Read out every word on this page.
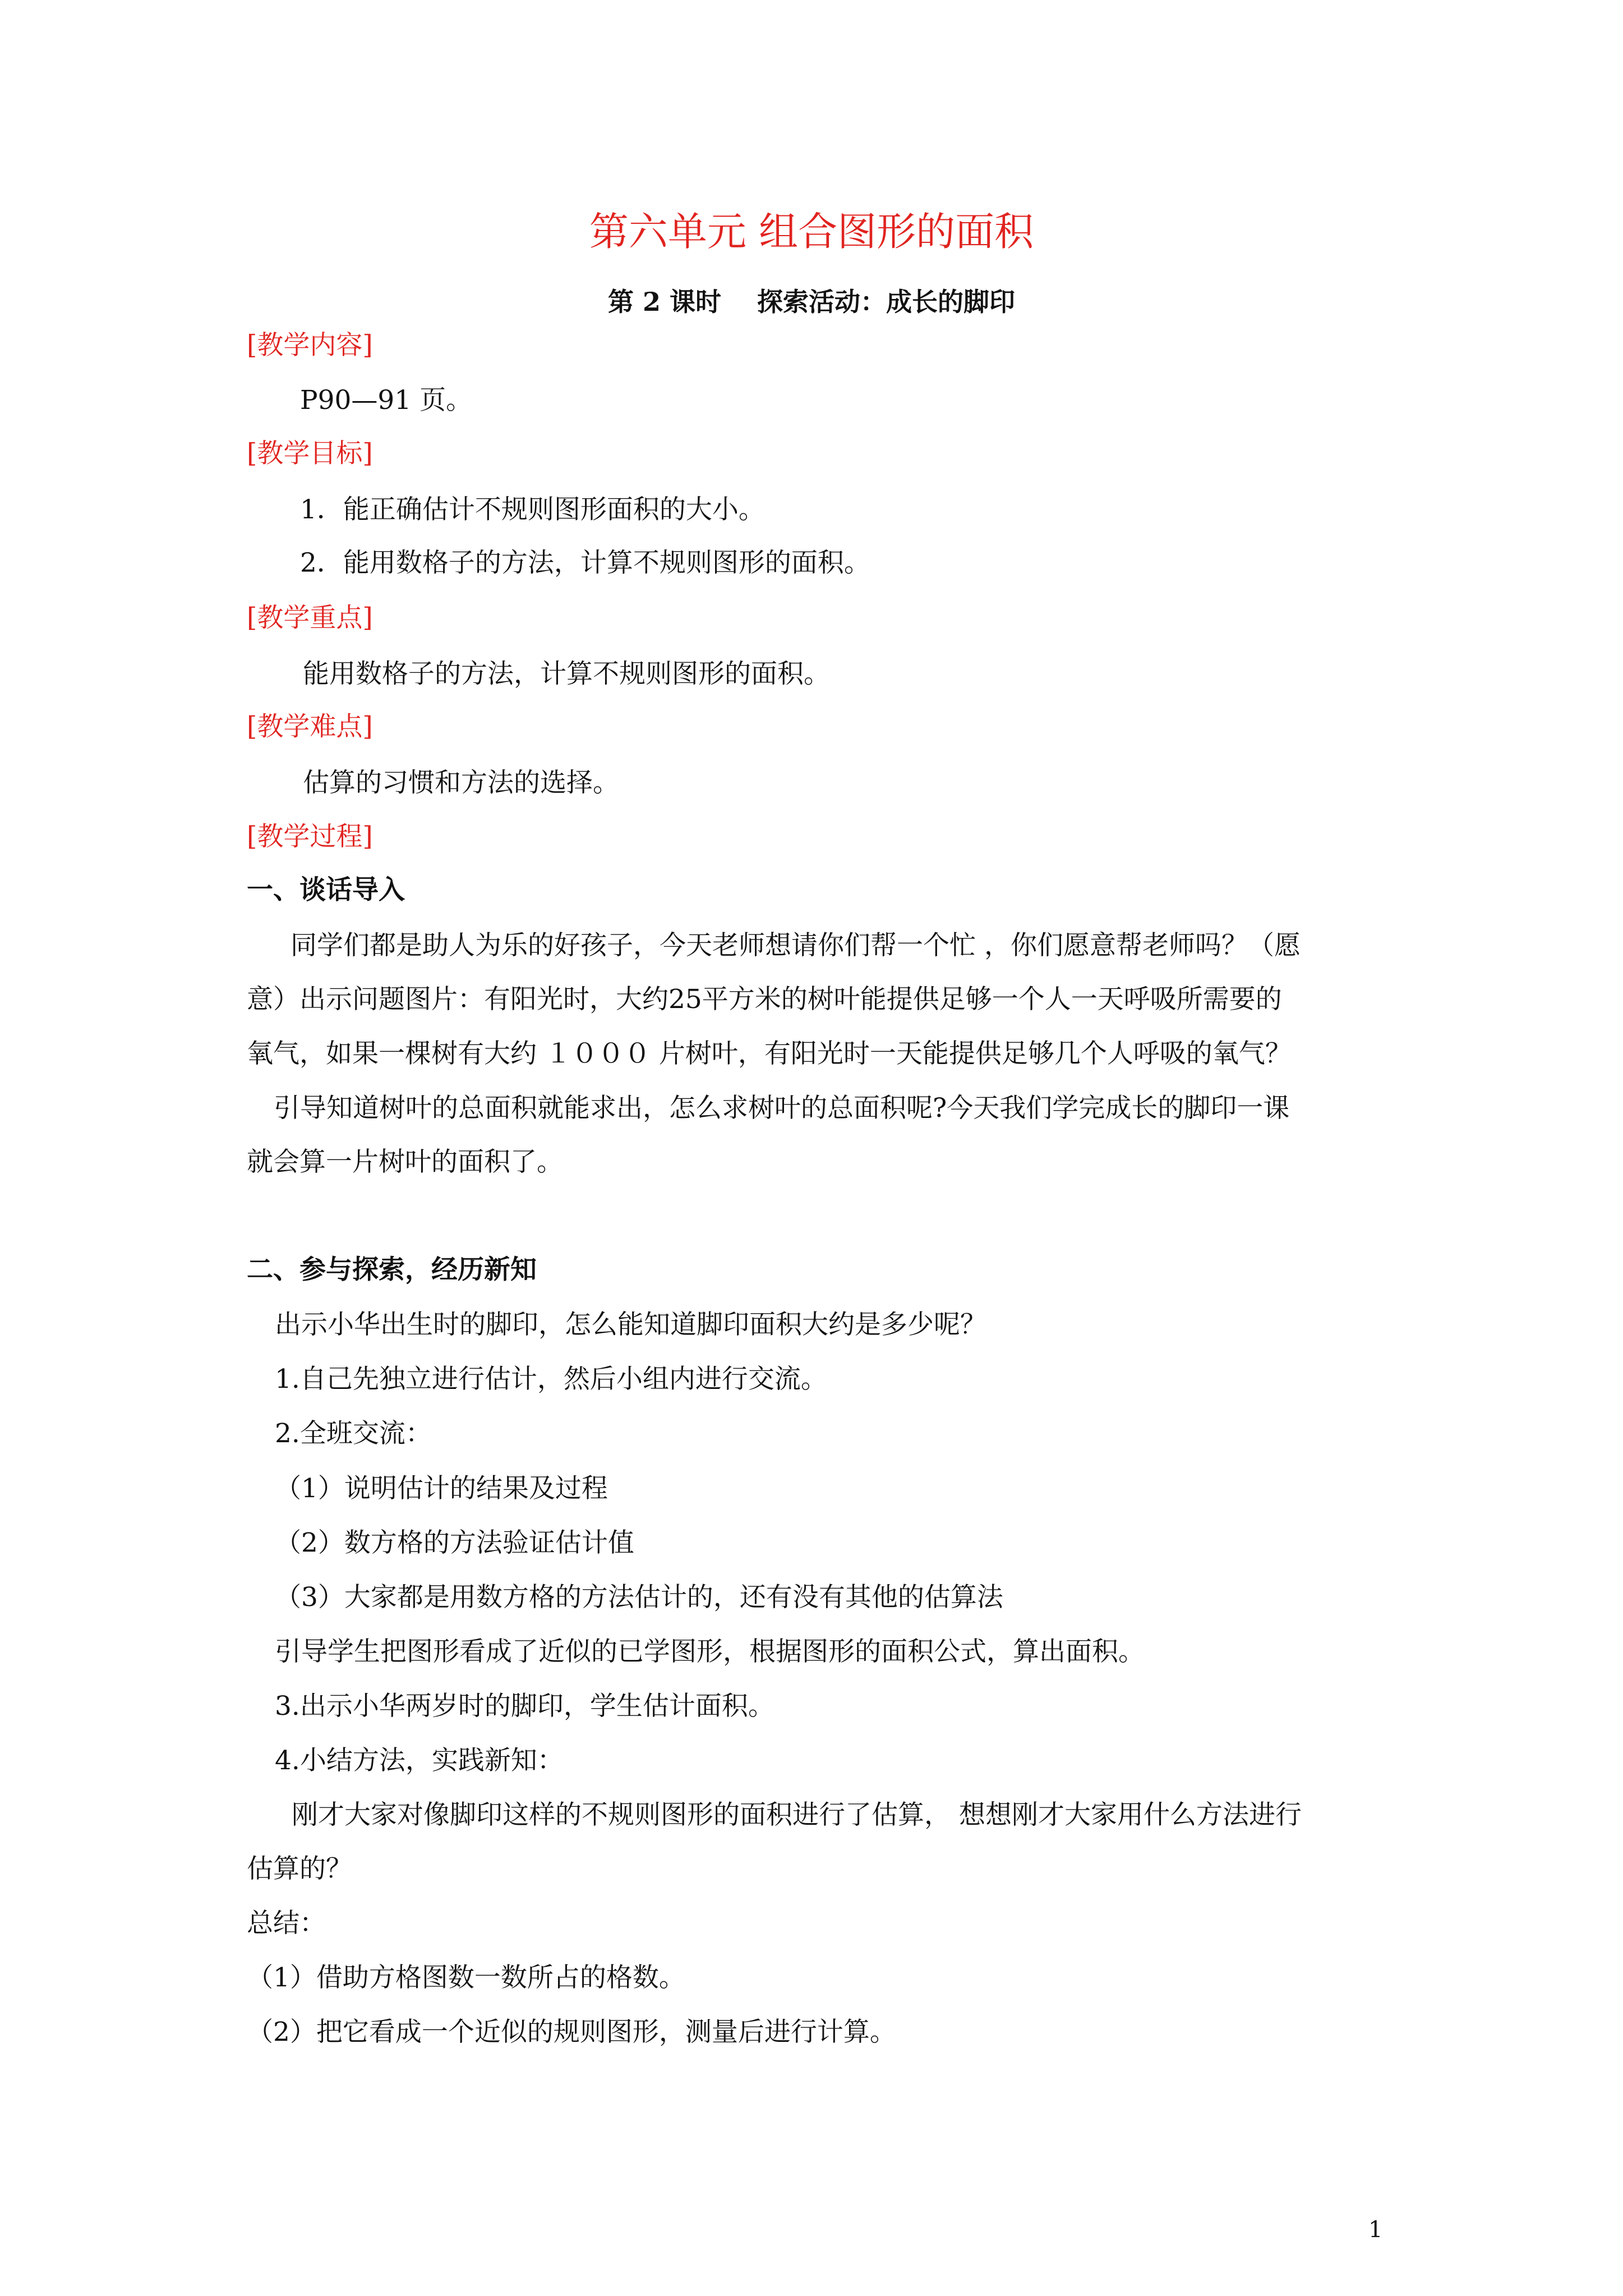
第六单元 组合图形的面积
第 2 课时    探索活动：成长的脚印
[教学内容]
P90—91 页。
[教学目标]
1．能正确估计不规则图形面积的大小。
2．能用数格子的方法，计算不规则图形的面积。
[教学重点]
能用数格子的方法，计算不规则图形的面积。
[教学难点]
估算的习惯和方法的选择。
[教学过程]
一、谈话导入
同学们都是助人为乐的好孩子，今天老师想请你们帮一个忙 ，你们愿意帮老师吗？（愿
意）出示问题图片：有阳光时，大约25平方米的树叶能提供足够一个人一天呼吸所需要的
氧气，如果一棵树有大约 １０００ 片树叶，有阳光时一天能提供足够几个人呼吸的氧气？
引导知道树叶的总面积就能求出，怎么求树叶的总面积呢?今天我们学完成长的脚印一课
就会算一片树叶的面积了。
二、参与探索，经历新知
出示小华出生时的脚印，怎么能知道脚印面积大约是多少呢？
1.自己先独立进行估计，然后小组内进行交流。
2.全班交流：
（1）说明估计的结果及过程
（2）数方格的方法验证估计值
（3）大家都是用数方格的方法估计的，还有没有其他的估算法
引导学生把图形看成了近似的已学图形，根据图形的面积公式，算出面积。
3.出示小华两岁时的脚印，学生估计面积。
4.小结方法，实践新知：
刚才大家对像脚印这样的不规则图形的面积进行了估算， 想想刚才大家用什么方法进行
估算的？
总结：
（1）借助方格图数一数所占的格数。
（2）把它看成一个近似的规则图形，测量后进行计算。
1
